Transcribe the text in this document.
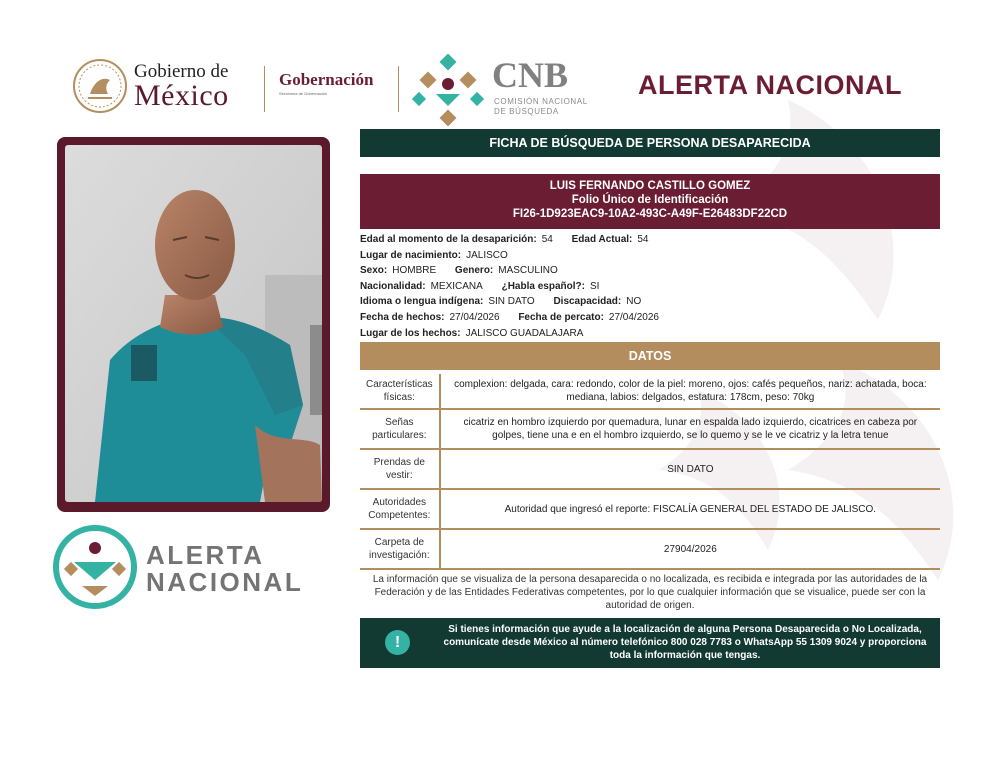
Gobierno de
México	Gobernación
Secretaría de Gobernación	CNB
COMISIÓN NACIONAL
DE BÚSQUEDA
ALERTA NACIONAL
ALERTA
NACIONAL
FICHA DE BÚSQUEDA DE PERSONA DESAPARECIDA
LUIS FERNANDO CASTILLO GOMEZ
Folio Único de Identificación
FI26-1D923EAC9-10A2-493C-A49F-E26483DF22CD
Edad al momento de la desaparición: 54 Edad Actual: 54
Lugar de nacimiento: JALISCO
Sexo: HOMBRE Genero: MASCULINO
Nacionalidad: MEXICANA ¿Habla español?: SI
Idioma o lengua indígena: SIN DATO Discapacidad: NO
Fecha de hechos: 27/04/2026 Fecha de percato: 27/04/2026
Lugar de los hechos: JALISCO GUADALAJARA
DATOS
Características físicas:	complexion: delgada, cara: redondo, color de la piel: moreno, ojos: cafés pequeños, nariz: achatada, boca: mediana, labios: delgados, estatura: 178cm, peso: 70kg
Señas particulares:	cicatriz en hombro izquierdo por quemadura, lunar en espalda lado izquierdo, cicatrices en cabeza por golpes, tiene una e en el hombro izquierdo, se lo quemo y se le ve cicatriz y la letra tenue
Prendas de vestir:	SIN DATO
Autoridades Competentes:	Autoridad que ingresó el reporte: FISCALÍA GENERAL DEL ESTADO DE JALISCO.
Carpeta de investigación:	27904/2026
La información que se visualiza de la persona desaparecida o no localizada, es recibida e integrada por las autoridades de la Federación y de las Entidades Federativas competentes, por lo que cualquier información que se visualice, puede ser con la autoridad de origen.
!
Si tienes información que ayude a la localización de alguna Persona Desaparecida o No Localizada, comunícate desde México al número telefónico 800 028 7783 o WhatsApp 55 1309 9024 y proporciona toda la información que tengas.
